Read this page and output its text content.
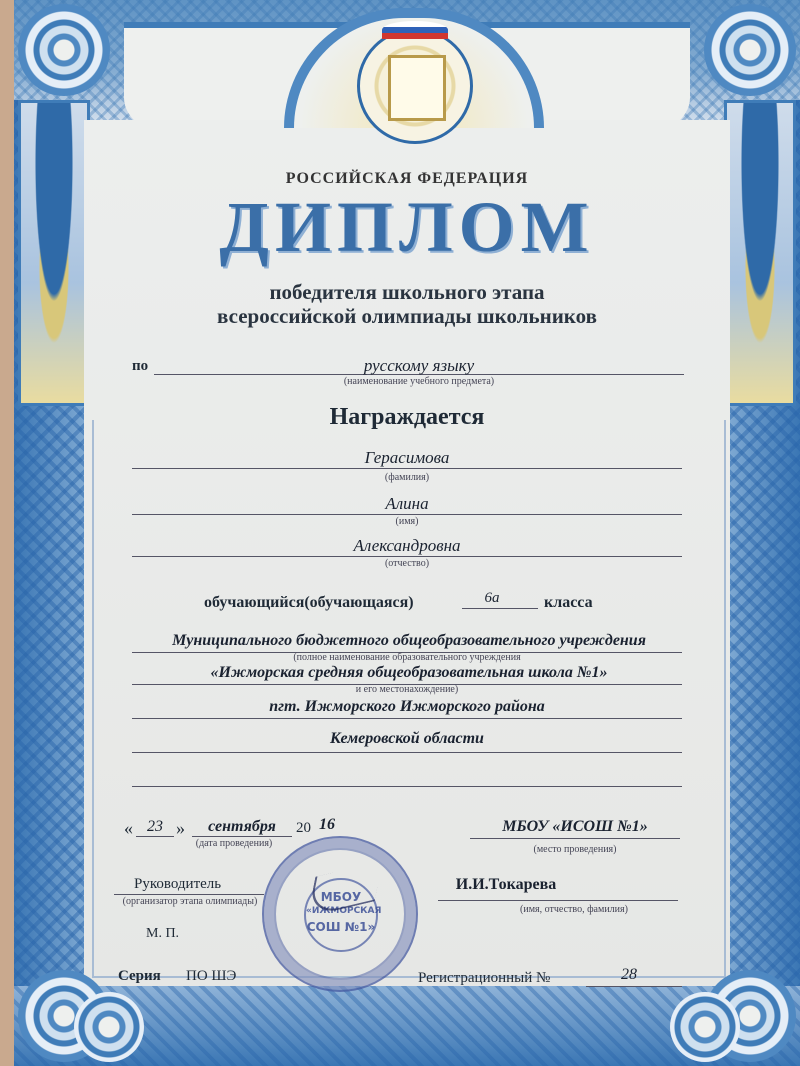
РОССИЙСКАЯ ФЕДЕРАЦИЯ
ДИПЛОМ
победителя школьного этапа
всероссийской олимпиады школьников
по	русскому языку
(наименование учебного предмета)
Награждается
Герасимова
(фамилия)
Алина
(имя)
Александровна
(отчество)
обучающийся(обучающаяся)	6а	класса
Муниципального бюджетного общеобразовательного учреждения
(полное наименование образовательного учреждения
«Ижморская средняя общеобразовательная школа №1»
и его местонахождение)
пгт. Ижморского Ижморского района
Кемеровской области
« 23 »	сентября	20 16
(дата проведения)
МБОУ «ИСОШ №1»
(место проведения)
Руководитель
(организатор этапа олимпиады)
И.И.Токарева
(имя, отчество, фамилия)
М. П.
МБОУ
«ИЖМОРСКАЯ
СОШ №1»
Серия ПО ШЭ	Регистрационный №	28
